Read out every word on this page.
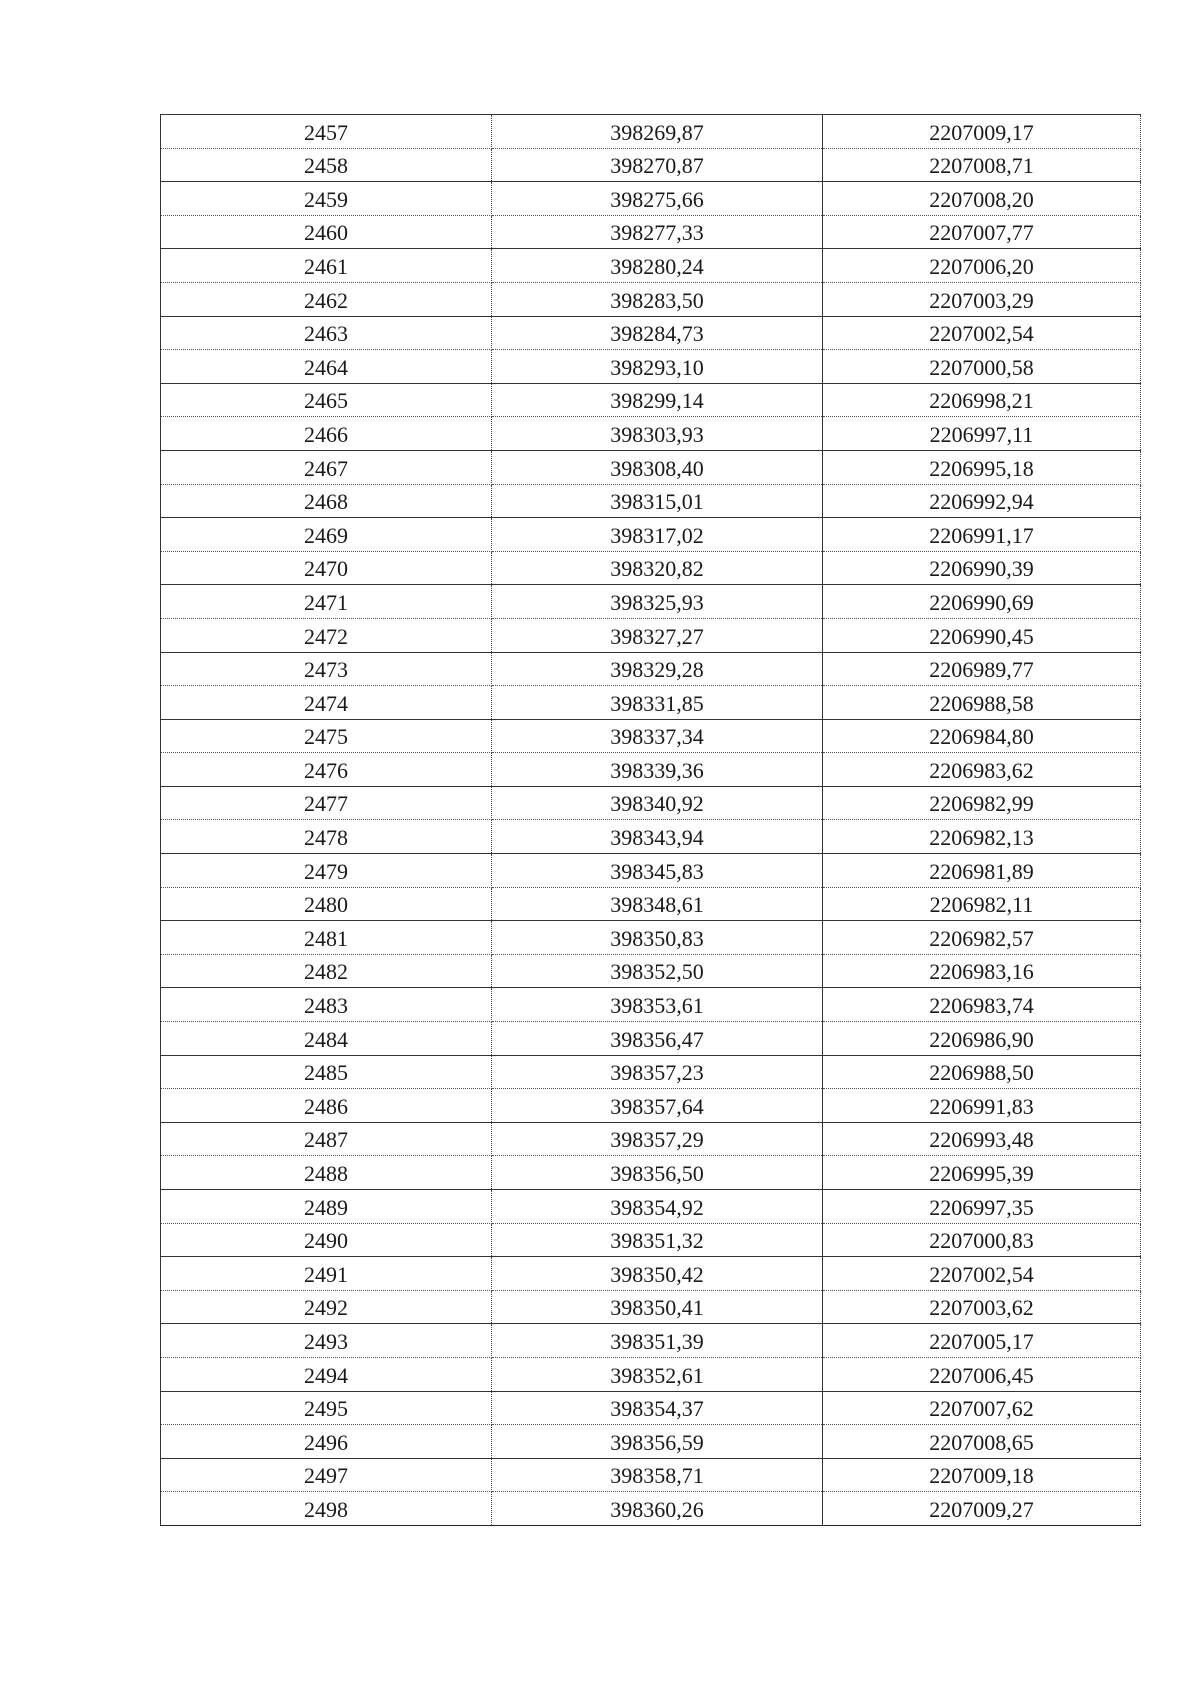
2457	398269,87	2207009,17
2458	398270,87	2207008,71
2459	398275,66	2207008,20
2460	398277,33	2207007,77
2461	398280,24	2207006,20
2462	398283,50	2207003,29
2463	398284,73	2207002,54
2464	398293,10	2207000,58
2465	398299,14	2206998,21
2466	398303,93	2206997,11
2467	398308,40	2206995,18
2468	398315,01	2206992,94
2469	398317,02	2206991,17
2470	398320,82	2206990,39
2471	398325,93	2206990,69
2472	398327,27	2206990,45
2473	398329,28	2206989,77
2474	398331,85	2206988,58
2475	398337,34	2206984,80
2476	398339,36	2206983,62
2477	398340,92	2206982,99
2478	398343,94	2206982,13
2479	398345,83	2206981,89
2480	398348,61	2206982,11
2481	398350,83	2206982,57
2482	398352,50	2206983,16
2483	398353,61	2206983,74
2484	398356,47	2206986,90
2485	398357,23	2206988,50
2486	398357,64	2206991,83
2487	398357,29	2206993,48
2488	398356,50	2206995,39
2489	398354,92	2206997,35
2490	398351,32	2207000,83
2491	398350,42	2207002,54
2492	398350,41	2207003,62
2493	398351,39	2207005,17
2494	398352,61	2207006,45
2495	398354,37	2207007,62
2496	398356,59	2207008,65
2497	398358,71	2207009,18
2498	398360,26	2207009,27
